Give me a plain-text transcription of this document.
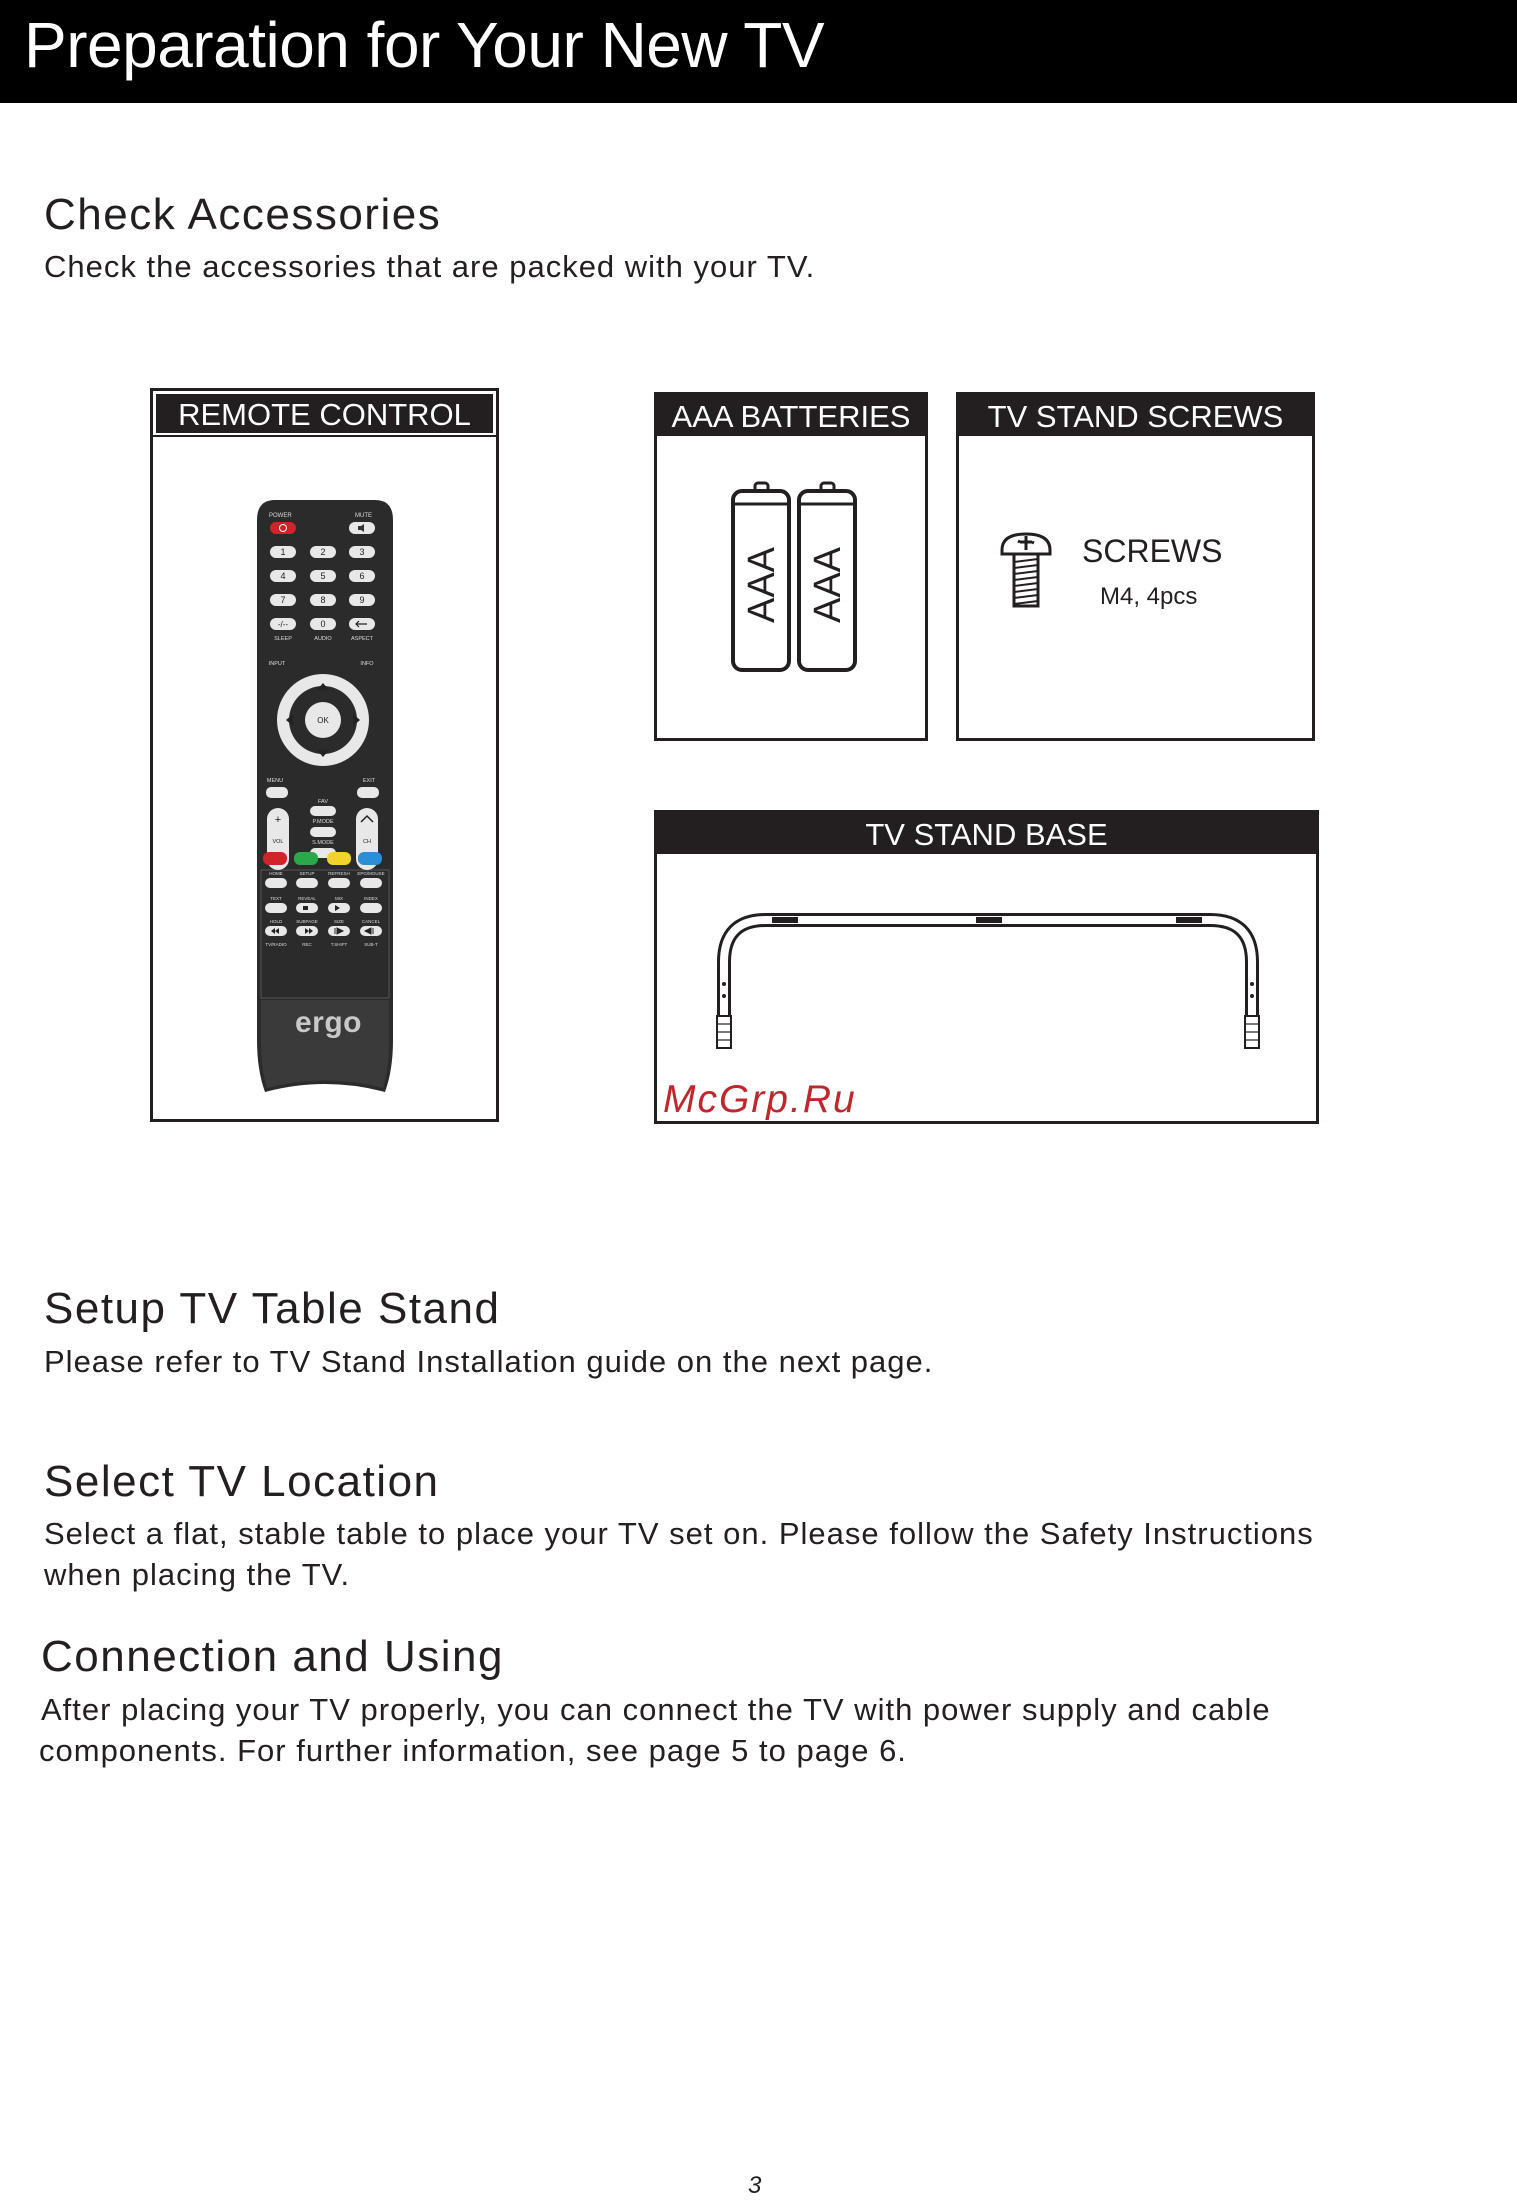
Preparation for Your New TV
Check Accessories

Check the accessories that are packed with your TV.

REMOTE CONTROL
POWER	MUTE
1	2	3
4	5	6
7	8	9
-/--	0
SLEEP	AUDIO	ASPECT
INPUT	INFO
OK
MENU	EXIT
FAV
+
VOL	CH
P.MODE
S.MODE
HOME	SETUP	REFRESH EPG/MOUSE
TEXT	REVEAL	MIX	INDEX
HOLD	SUBPAGE	SIZE	CANCEL
TV/RADIO	REC	T.SHIFT	SUB-T
ergo
AAA BATTERIES
AAA AAA
TV STAND SCREWS
SCREWS
M4, 4pcs
TV STAND BASE
McGrp.Ru
Setup TV Table Stand

Please refer to TV Stand Installation guide on the next page.

Select TV Location

Select a flat, stable table to place your TV set on. Please follow the Safety Instructions

when placing the TV.

Connection and Using

After placing your TV properly, you can connect the TV with power supply and cable

components. For further information, see page 5 to page 6.

3
